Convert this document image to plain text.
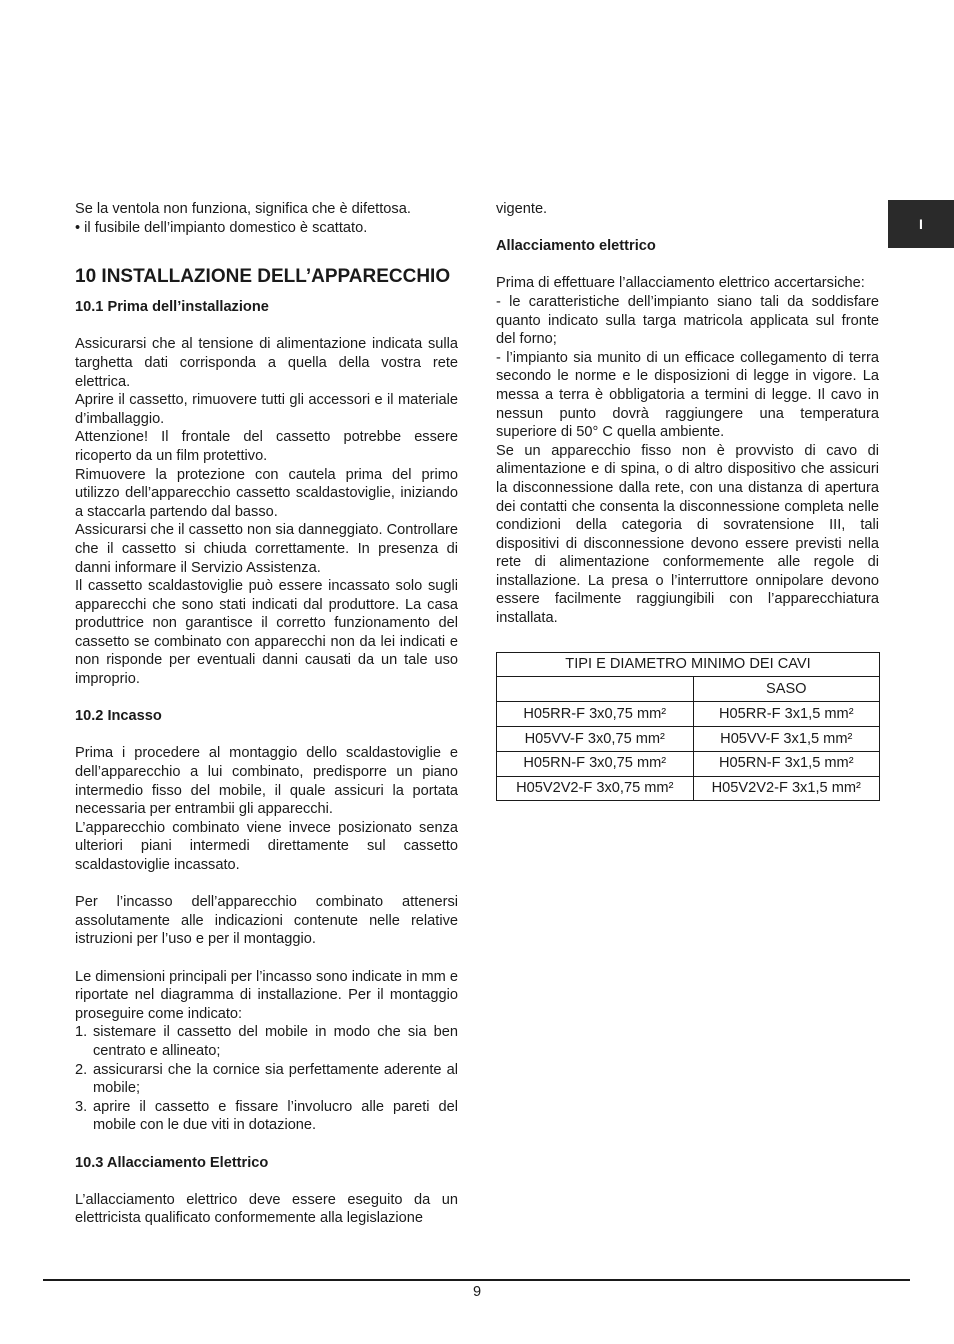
I

Se la ventola non funziona, significa che è difettosa.

• il fusibile dell’impianto domestico è scattato.

10 INSTALLAZIONE DELL’APPARECCHIO
10.1 Prima dell’installazione

Assicurarsi che al tensione di alimentazione indicata sulla targhetta dati corrisponda a quella della vostra rete elettrica.

Aprire il cassetto, rimuovere tutti gli accessori e il materiale d’imballaggio.

Attenzione! Il frontale del cassetto potrebbe essere ricoperto da un film protettivo.

Rimuovere la protezione con cautela prima del primo utilizzo dell’apparecchio cassetto scaldastoviglie, iniziando a staccarla partendo dal basso.

Assicurarsi che il cassetto non sia danneggiato. Controllare che il cassetto si chiuda correttamente. In presenza di danni informare il Servizio Assistenza.

Il cassetto scaldastoviglie può essere incassato solo sugli apparecchi che sono stati indicati dal produttore. La casa produttrice non garantisce il corretto funzionamento del cassetto se combinato con apparecchi non da lei indicati e non risponde per eventuali danni causati da un tale uso improprio.

10.2 Incasso

Prima i procedere al montaggio dello scaldastoviglie e dell’apparecchio a lui combinato, predisporre un piano intermedio fisso del mobile, il quale assicuri la portata necessaria per entrambii gli apparecchi.

L’apparecchio combinato viene invece posizionato senza ulteriori piani intermedi direttamente sul cassetto scaldastoviglie incassato.

Per l’incasso dell’apparecchio combinato attenersi assolutamente alle indicazioni contenute nelle relative istruzioni per l’uso e per il montaggio.

Le dimensioni principali per l’incasso sono indicate in mm e riportate nel diagramma di installazione. Per il montaggio proseguire come indicato:

1. sistemare il cassetto del mobile in modo che sia ben centrato e allineato;
2. assicurarsi che la cornice sia perfettamente aderente al mobile;
3. aprire il cassetto e fissare l’involucro alle pareti del mobile con le due viti in dotazione.
10.3 Allacciamento Elettrico

L’allacciamento elettrico deve essere eseguito da un elettricista qualificato conformemente alla legislazione

vigente.

Allacciamento elettrico

Prima di effettuare l’allacciamento elettrico accertarsiche:

- le caratteristiche dell’impianto siano tali da soddisfare quanto indicato sulla targa matricola applicata sul fronte del forno;

- l’impianto sia munito di un efficace collegamento di terra secondo le norme e le disposizioni di legge in vigore. La messa a terra è obbligatoria a termini di legge. Il cavo in nessun punto dovrà raggiungere una temperatura superiore di 50° C quella ambiente.

Se un apparecchio fisso non è provvisto di cavo di alimentazione e di spina, o di altro dispositivo che assicuri la disconnessione dalla rete, con una distanza di apertura dei contatti che consenta la disconnessione completa nelle condizioni della categoria di sovratensione III, tali dispositivi di disconnessione devono essere previsti nella rete di alimentazione conformemente alle regole di installazione. La presa o l’interruttore onnipolare devono essere facilmente raggiungibili con l’apparecchiatura installata.

TIPI E DIAMETRO MINIMO DEI CAVI	
	SASO
H05RR-F 3x0,75 mm²	H05RR-F 3x1,5 mm²
H05VV-F 3x0,75 mm²	H05VV-F 3x1,5 mm²
H05RN-F 3x0,75 mm²	H05RN-F 3x1,5 mm²
H05V2V2-F 3x0,75 mm²	H05V2V2-F 3x1,5 mm²
9
